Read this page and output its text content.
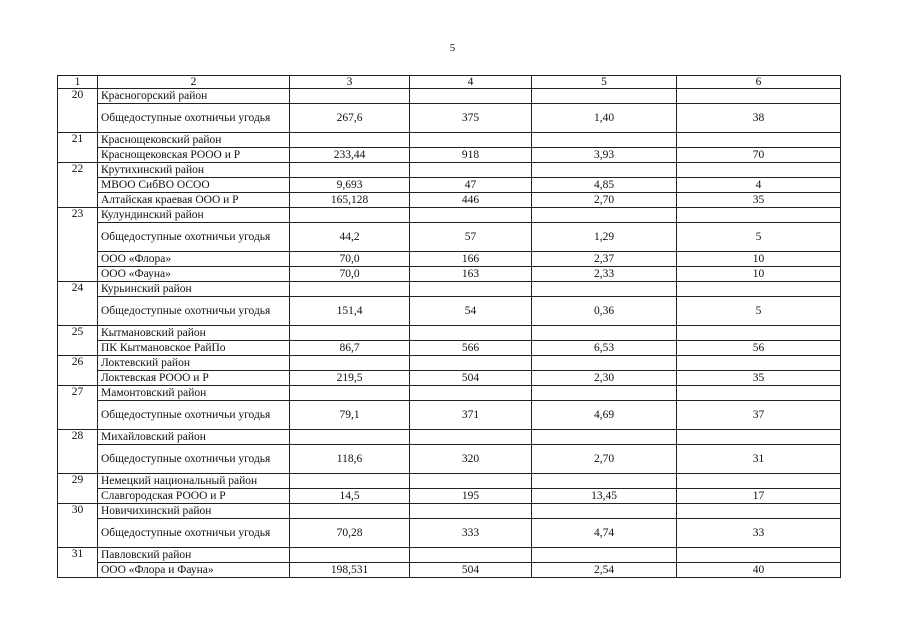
5
1	2	3	4	5	6
20	Красногорский район				
	Общедоступные охотничьи угодья	267,6	375	1,40	38
21	Краснощековский район				
	Краснощековская РООО и Р	233,44	918	3,93	70
22	Крутихинский район				
	МВОО СибВО ОСОО	9,693	47	4,85	4
	Алтайская краевая ООО и Р	165,128	446	2,70	35
23	Кулундинский район				
	Общедоступные охотничьи угодья	44,2	57	1,29	5
	ООО «Флора»	70,0	166	2,37	10
	ООО «Фауна»	70,0	163	2,33	10
24	Курьинский район				
	Общедоступные охотничьи угодья	151,4	54	0,36	5
25	Кытмановский район				
	ПК Кытмановское РайПо	86,7	566	6,53	56
26	Локтевский район				
	Локтевская РООО и Р	219,5	504	2,30	35
27	Мамонтовский район				
	Общедоступные охотничьи угодья	79,1	371	4,69	37
28	Михайловский район				
	Общедоступные охотничьи угодья	118,6	320	2,70	31
29	Немецкий национальный район				
	Славгородская РООО и Р	14,5	195	13,45	17
30	Новичихинский район				
	Общедоступные охотничьи угодья	70,28	333	4,74	33
31	Павловский район				
	ООО «Флора и Фауна»	198,531	504	2,54	40
